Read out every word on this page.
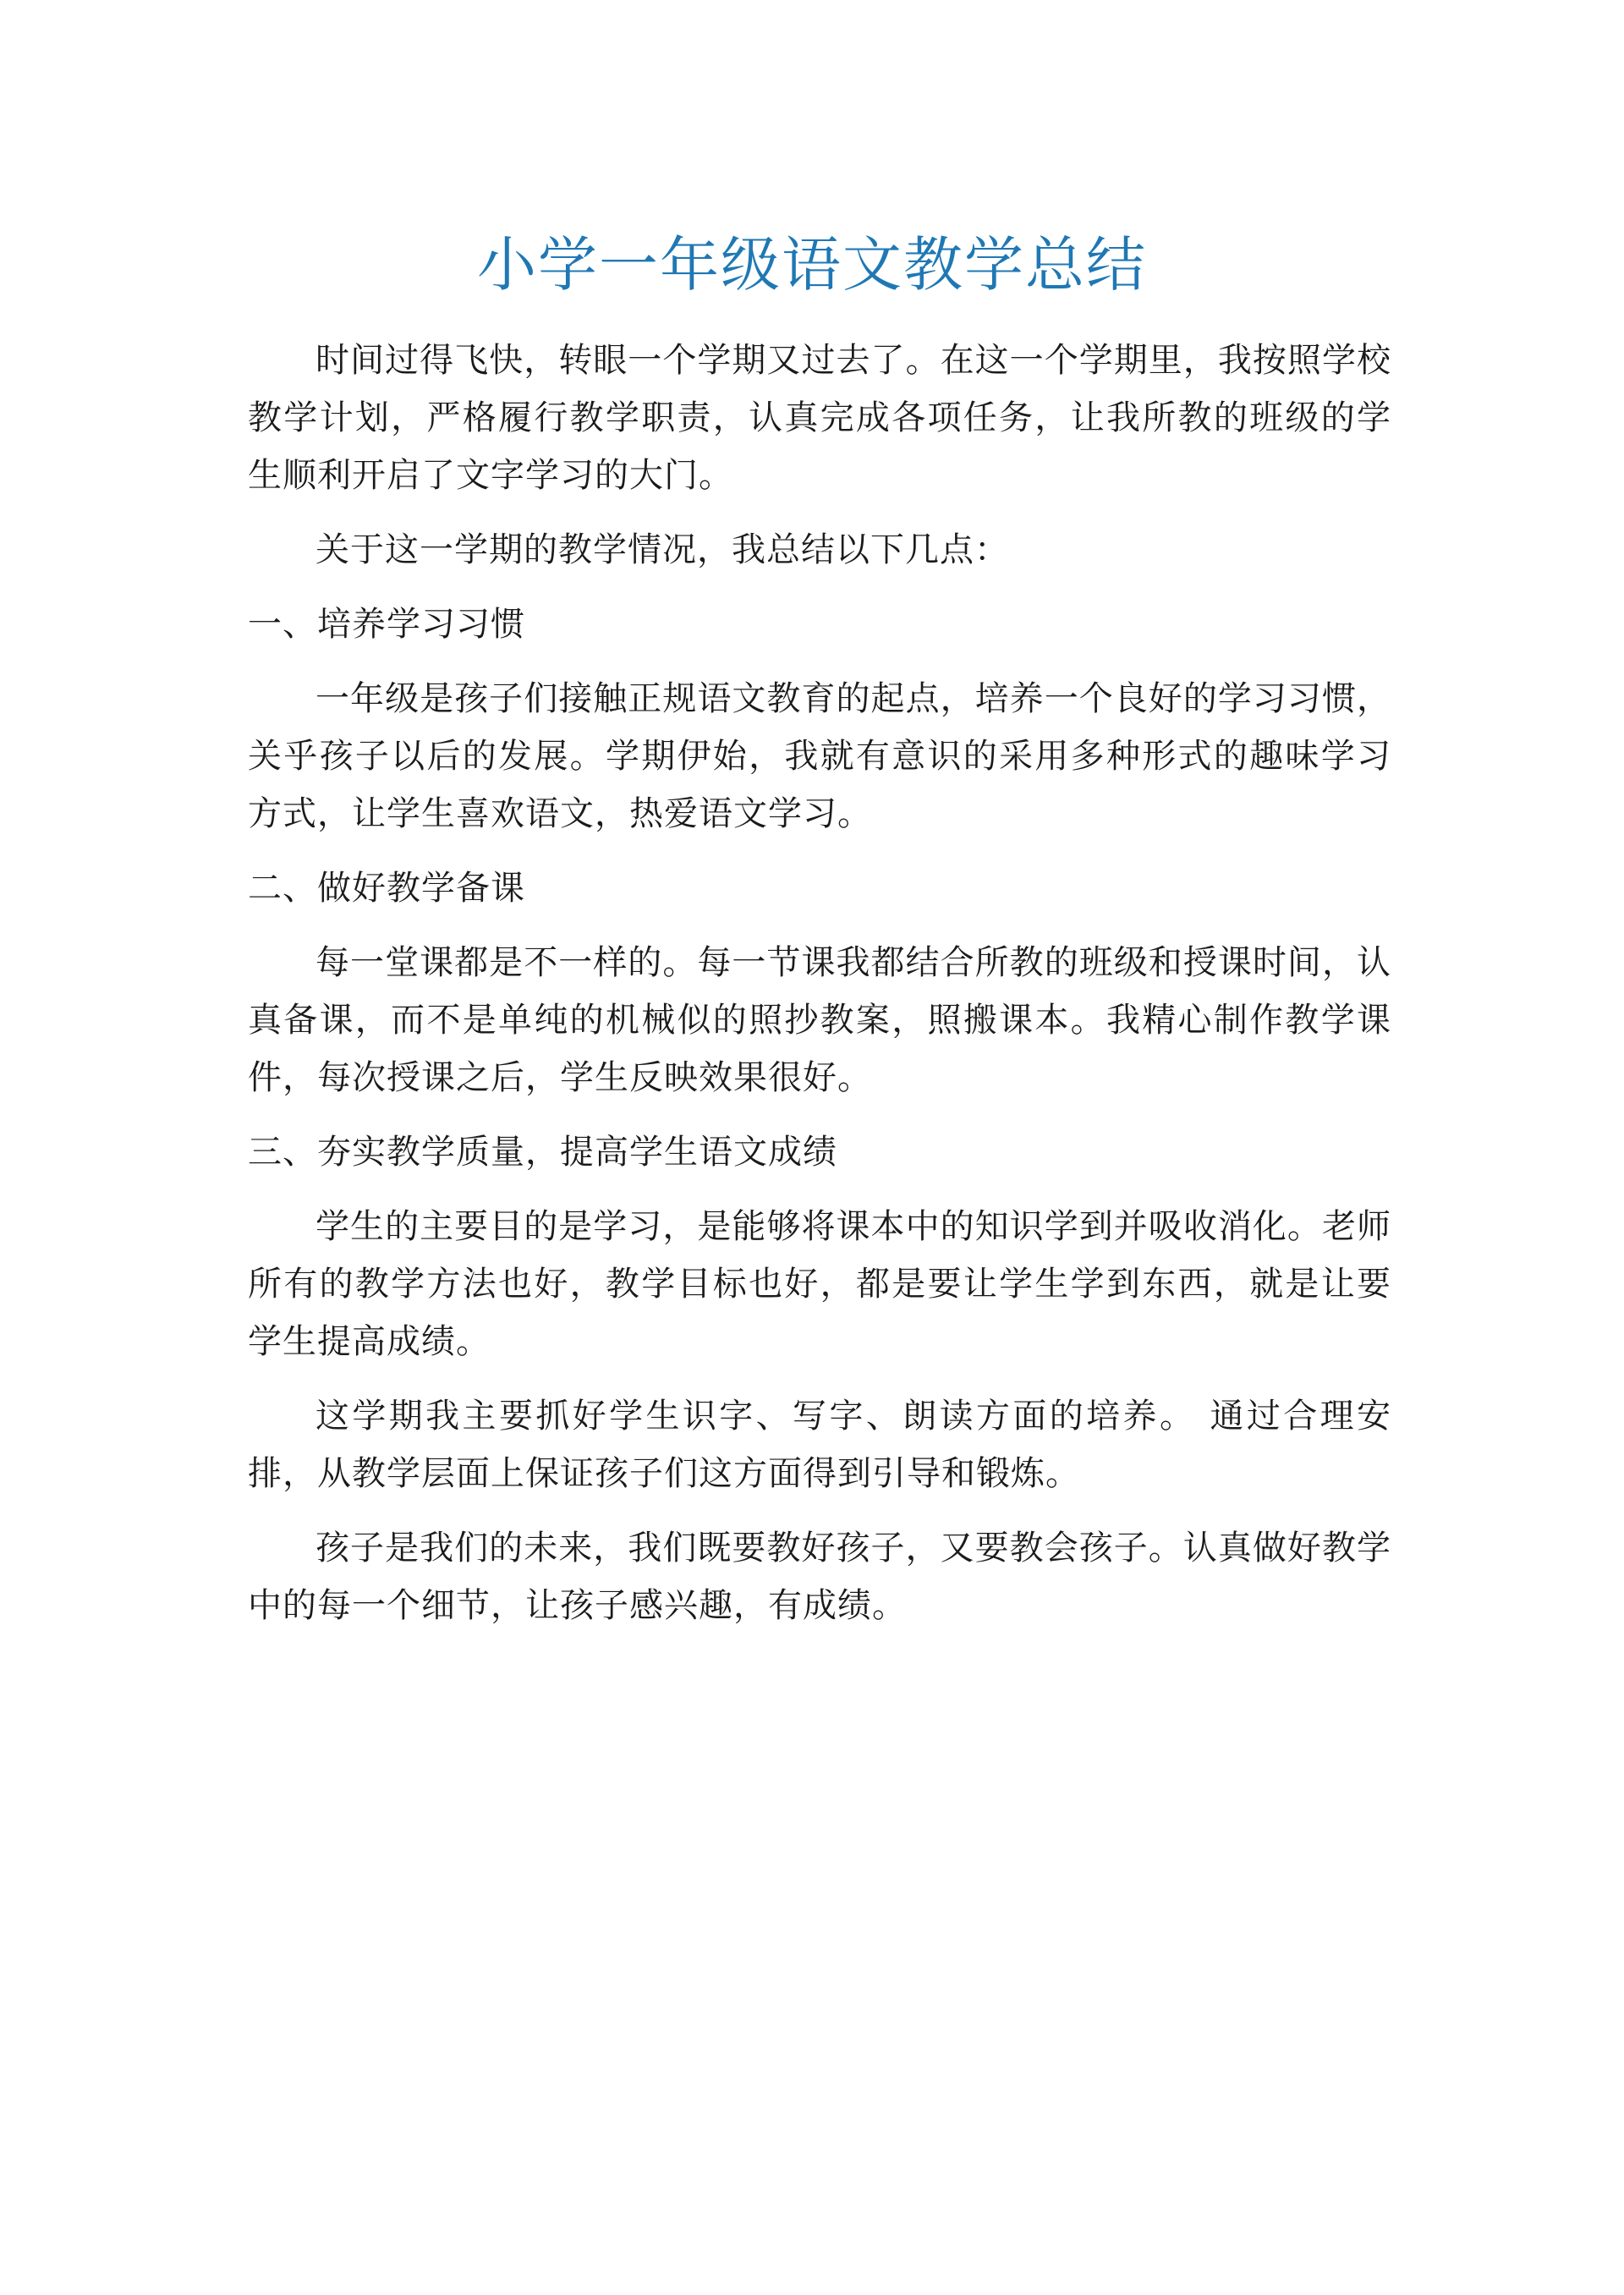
小学一年级语文教学总结

时间过得飞快，转眼一个学期又过去了。在这一个学期里，我按照学校教学计划，严格履行教学职责，认真完成各项任务，让我所教的班级的学生顺利开启了文字学习的大门。

关于这一学期的教学情况，我总结以下几点：

一、培养学习习惯

一年级是孩子们接触正规语文教育的起点，培养一个良好的学习习惯，关乎孩子以后的发展。学期伊始，我就有意识的采用多种形式的趣味学习方式，让学生喜欢语文，热爱语文学习。

二、做好教学备课

每一堂课都是不一样的。每一节课我都结合所教的班级和授课时间，认真备课，而不是单纯的机械似的照抄教案，照搬课本。我精心制作教学课件，每次授课之后，学生反映效果很好。

三、夯实教学质量，提高学生语文成绩

学生的主要目的是学习，是能够将课本中的知识学到并吸收消化。老师所有的教学方法也好，教学目标也好，都是要让学生学到东西，就是让要学生提高成绩。

这学期我主要抓好学生识字、写字、朗读方面的培养。 通过合理安排，从教学层面上保证孩子们这方面得到引导和锻炼。

孩子是我们的未来，我们既要教好孩子，又要教会孩子。认真做好教学中的每一个细节，让孩子感兴趣，有成绩。
